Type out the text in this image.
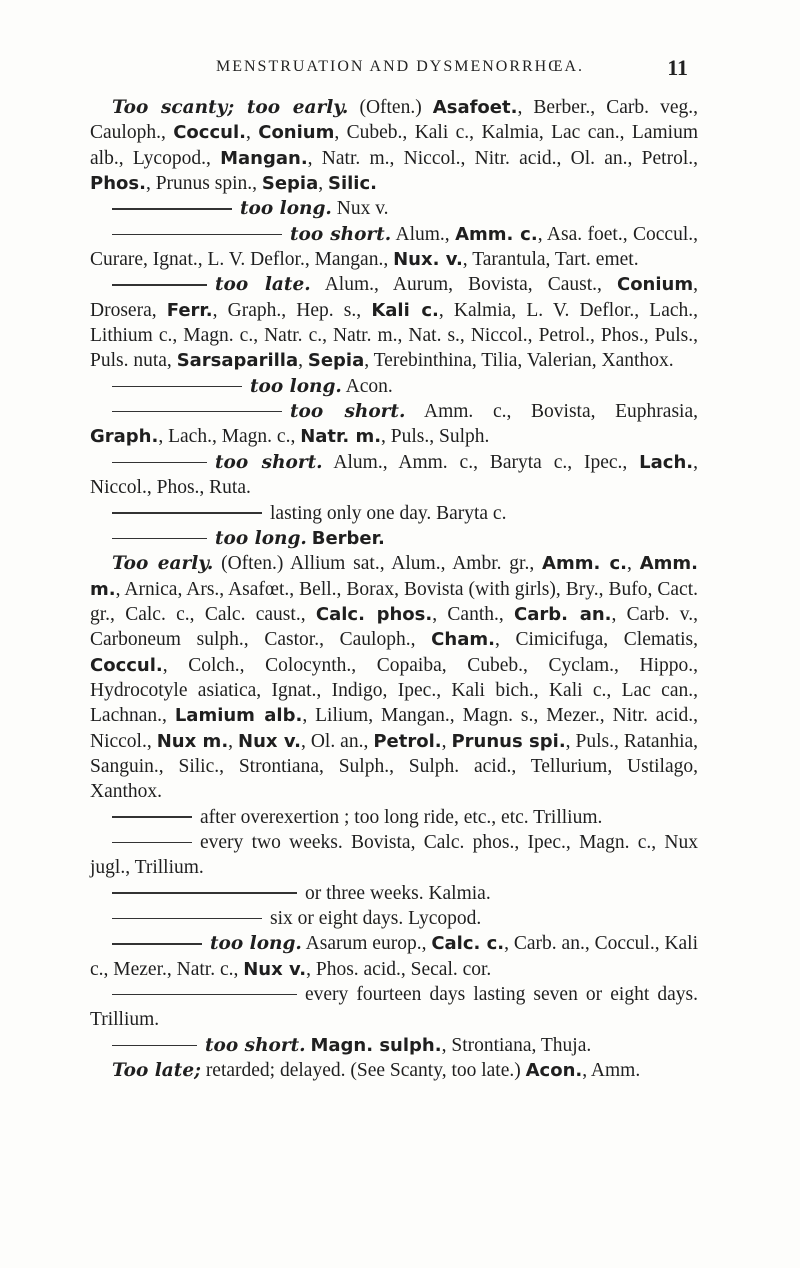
MENSTRUATION AND DYSMENORRHŒA.	11

Too scanty; too early. (Often.) Asafoet., Berber., Carb. veg., Cauloph., Coccul., Conium, Cubeb., Kali c., Kalmia, Lac can., Lamium alb., Lycopod., Mangan., Natr. m., Niccol., Nitr. acid., Ol. an., Petrol., Phos., Prunus spin., Sepia, Silic.

too long. Nux v.

too short. Alum., Amm. c., Asa. foet., Coccul., Curare, Ignat., L. V. Deflor., Mangan., Nux. v., Tarantula, Tart. emet.

too late. Alum., Aurum, Bovista, Caust., Conium, Drosera, Ferr., Graph., Hep. s., Kali c., Kalmia, L. V. Deflor., Lach., Lithium c., Magn. c., Natr. c., Natr. m., Nat. s., Niccol., Petrol., Phos., Puls., Puls. nuta, Sarsaparilla, Sepia, Terebinthina, Tilia, Valerian, Xanthox.

too long. Acon.

too short. Amm. c., Bovista, Euphrasia, Graph., Lach., Magn. c., Natr. m., Puls., Sulph.

too short. Alum., Amm. c., Baryta c., Ipec., Lach., Niccol., Phos., Ruta.

lasting only one day. Baryta c.

too long. Berber.

Too early. (Often.) Allium sat., Alum., Ambr. gr., Amm. c., Amm. m., Arnica, Ars., Asafœt., Bell., Borax, Bovista (with girls), Bry., Bufo, Cact. gr., Calc. c., Calc. caust., Calc. phos., Canth., Carb. an., Carb. v., Carboneum sulph., Castor., Cauloph., Cham., Cimicifuga, Clematis, Coccul., Colch., Colocynth., Copaiba, Cubeb., Cyclam., Hippo., Hydrocotyle asiatica, Ignat., Indigo, Ipec., Kali bich., Kali c., Lac can., Lachnan., Lamium alb., Lilium, Mangan., Magn. s., Mezer., Nitr. acid., Niccol., Nux m., Nux v., Ol. an., Petrol., Prunus spi., Puls., Ratanhia, Sanguin., Silic., Strontiana, Sulph., Sulph. acid., Tellurium, Ustilago, Xanthox.

after overexertion ; too long ride, etc., etc. Trillium.

every two weeks. Bovista, Calc. phos., Ipec., Magn. c., Nux jugl., Trillium.

or three weeks. Kalmia.

six or eight days. Lycopod.

too long. Asarum europ., Calc. c., Carb. an., Coccul., Kali c., Mezer., Natr. c., Nux v., Phos. acid., Secal. cor.

every fourteen days lasting seven or eight days. Trillium.

too short. Magn. sulph., Strontiana, Thuja.

Too late; retarded; delayed. (See Scanty, too late.) Acon., Amm.
